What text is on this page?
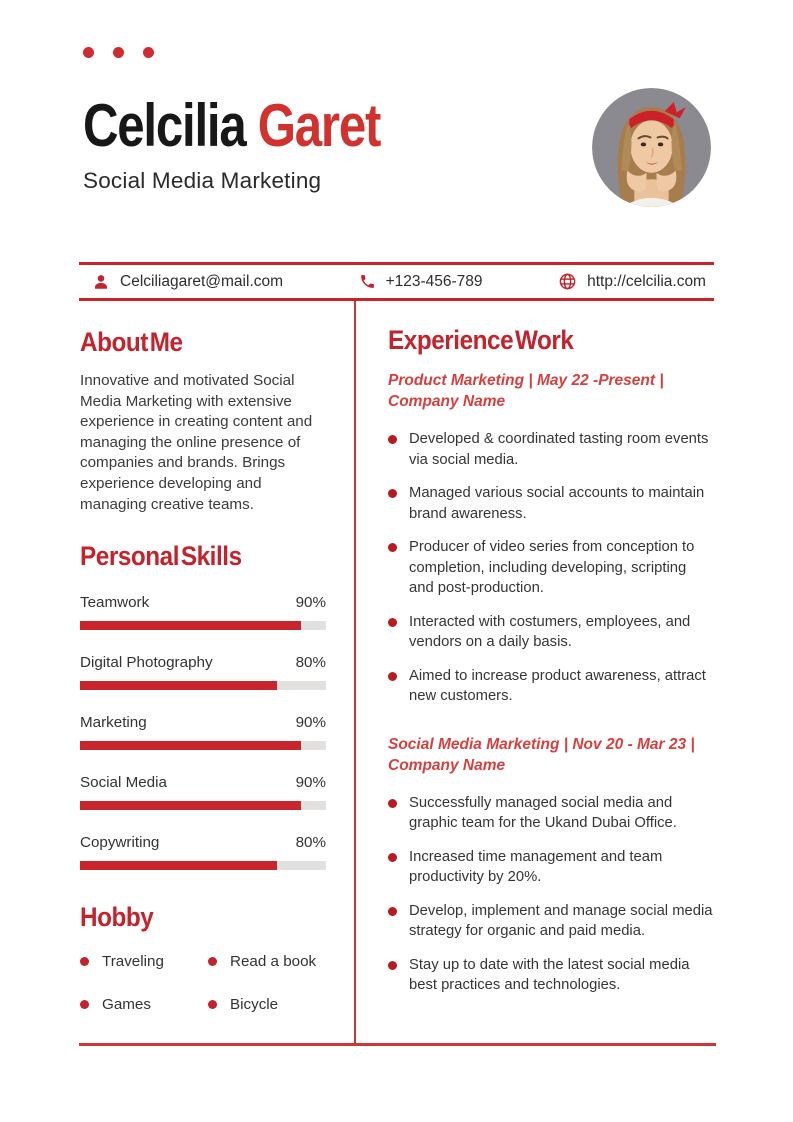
Celcilia Garet
Social Media Marketing
Celciliagaret@mail.com	+123-456-789	http://celcilia.com
About Me
Innovative and motivated Social Media Marketing with extensive experience in creating content and managing the online presence of companies and brands. Brings experience developing and managing creative teams.
Personal Skills
Teamwork	90%
Digital Photography	80%
Marketing	90%
Social Media	90%
Copywriting	80%
Hobby
Traveling	Read a book
Games	Bicycle
Experience Work
Product Marketing | May 22 -Present | Company Name
Developed & coordinated tasting room events via social media.
Managed various social accounts to maintain brand awareness.
Producer of video series from conception to completion, including developing, scripting and post-production.
Interacted with costumers, employees, and vendors on a daily basis.
Aimed to increase product awareness, attract new customers.
Social Media Marketing | Nov 20 - Mar 23 | Company Name
Successfully managed social media and graphic team for the Ukand Dubai Office.
Increased time management and team productivity by 20%.
Develop, implement and manage social media strategy for organic and paid media.
Stay up to date with the latest social media best practices and technologies.
